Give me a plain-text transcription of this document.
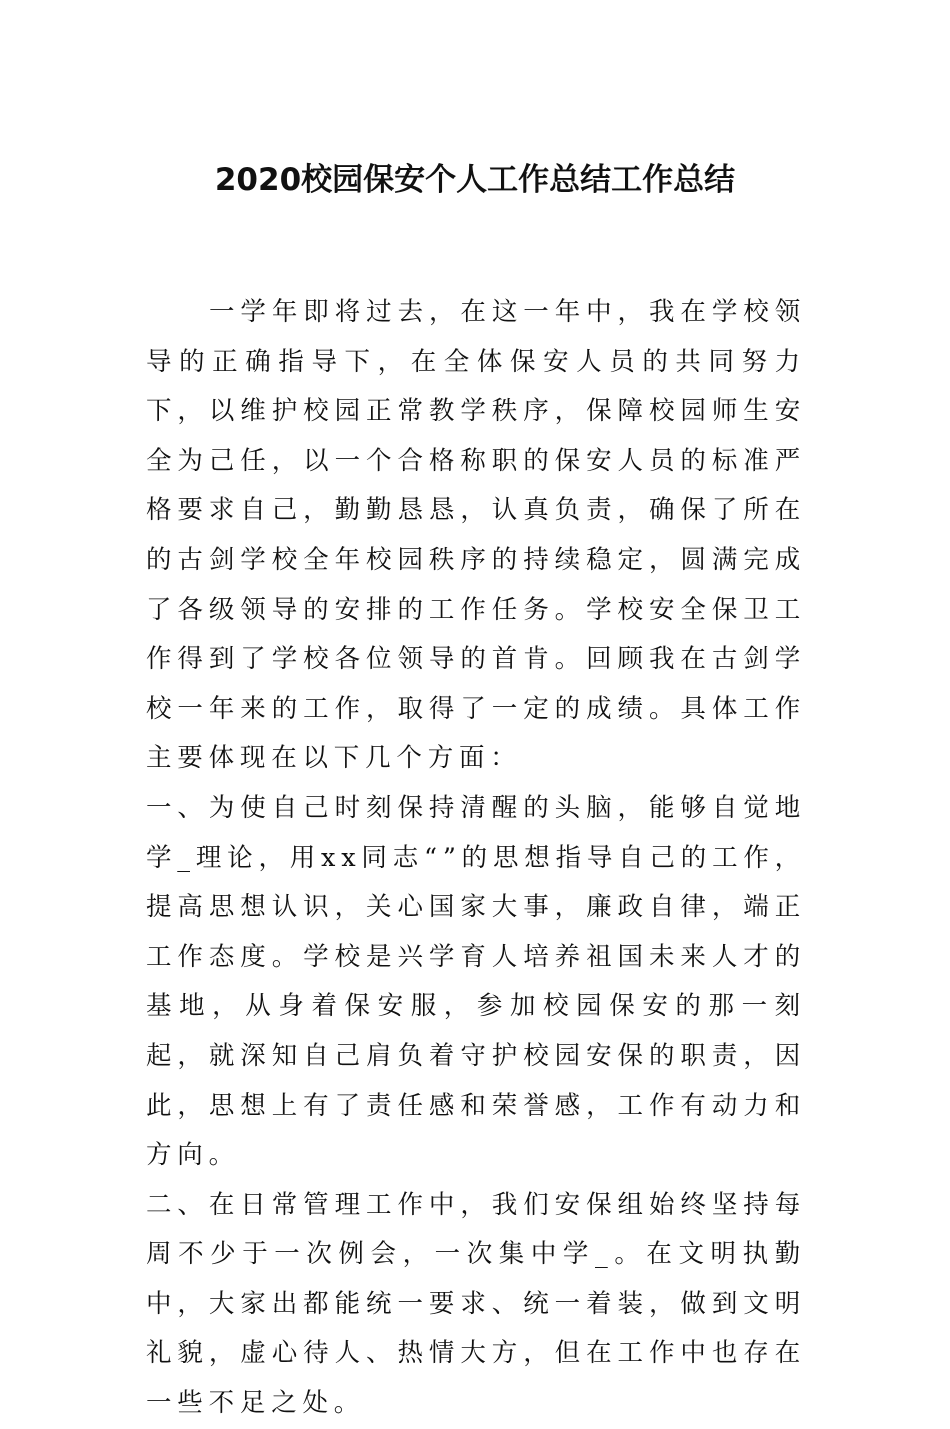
2020校园保安个人工作总结工作总结

一学年即将过去，在这一年中，我在学校领导的正确指导下，在全体保安人员的共同努力下，以维护校园正常教学秩序，保障校园师生安全为己任，以一个合格称职的保安人员的标准严格要求自己，勤勤恳恳，认真负责，确保了所在的古剑学校全年校园秩序的持续稳定，圆满完成了各级领导的安排的工作任务。学校安全保卫工作得到了学校各位领导的首肯。回顾我在古剑学校一年来的工作，取得了一定的成绩。具体工作主要体现在以下几个方面：

一、为使自己时刻保持清醒的头脑，能够自觉地学_理论，用xx同志“”的思想指导自己的工作，提高思想认识，关心国家大事，廉政自律，端正工作态度。学校是兴学育人培养祖国未来人才的基地，从身着保安服，参加校园保安的那一刻起，就深知自己肩负着守护校园安保的职责，因此，思想上有了责任感和荣誉感，工作有动力和方向。

二、在日常管理工作中，我们安保组始终坚持每周不少于一次例会，一次集中学_。在文明执勤中，大家出都能统一要求、统一着装，做到文明礼貌，虚心待人、热情大方，但在工作中也存在一些不足之处。
